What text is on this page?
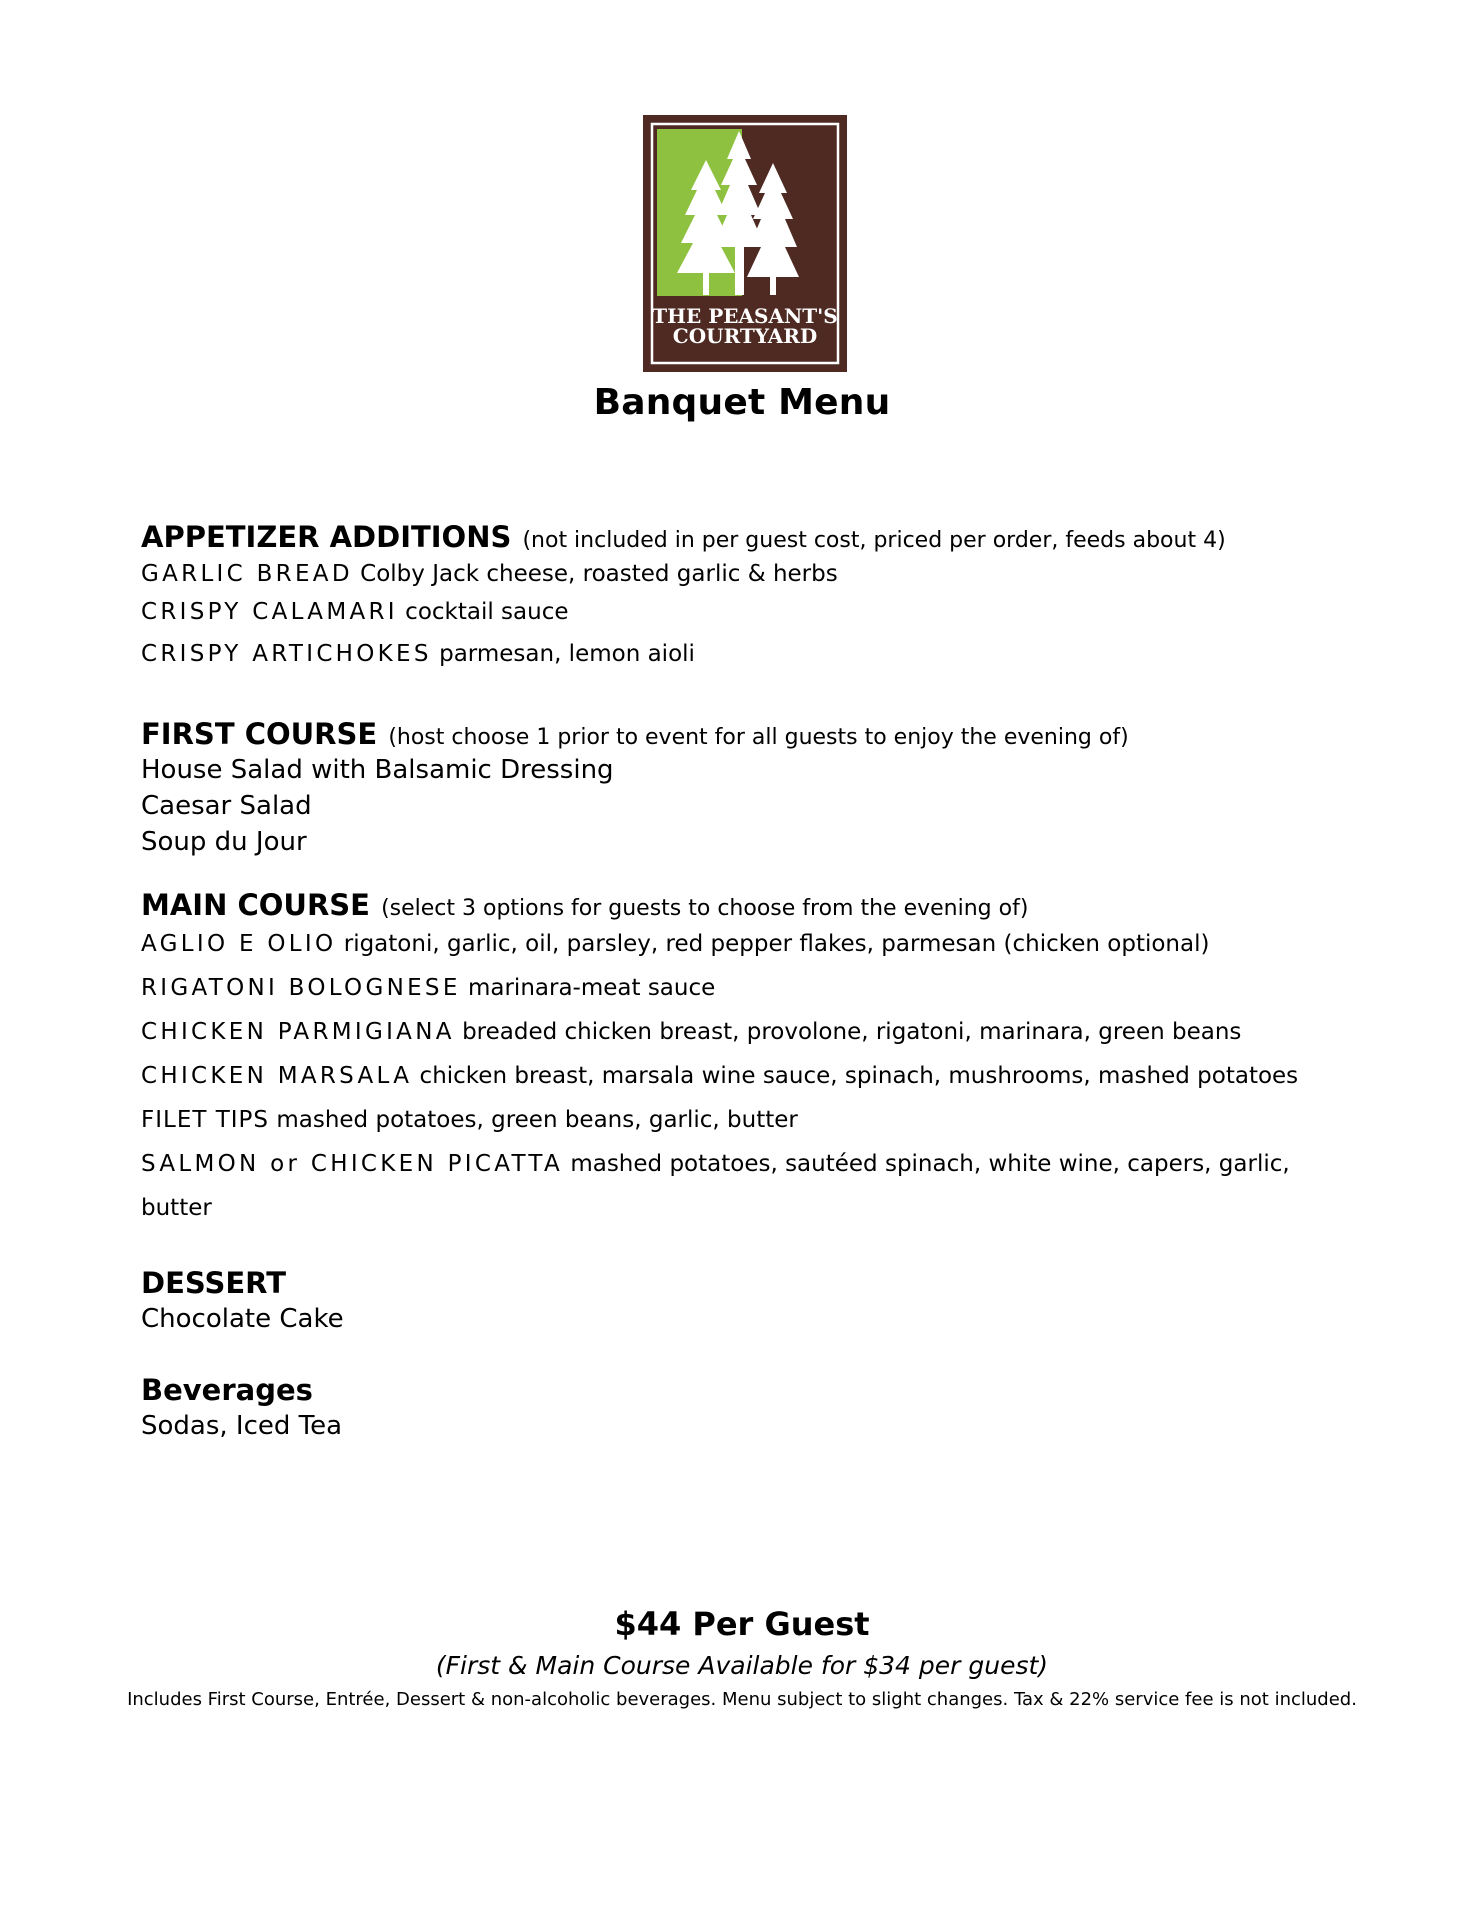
THE PEASANT'S
COURTYARD
Banquet Menu

APPETIZER ADDITIONS (not included in per guest cost, priced per order, feeds about 4)

GARLIC BREAD Colby Jack cheese, roasted garlic & herbs

CRISPY CALAMARI cocktail sauce

CRISPY ARTICHOKES parmesan, lemon aioli

FIRST COURSE (host choose 1 prior to event for all guests to enjoy the evening of)

House Salad with Balsamic Dressing

Caesar Salad

Soup du Jour

MAIN COURSE (select 3 options for guests to choose from the evening of)

AGLIO E OLIO rigatoni, garlic, oil, parsley, red pepper flakes, parmesan (chicken optional)

RIGATONI BOLOGNESE marinara-meat sauce

CHICKEN PARMIGIANA breaded chicken breast, provolone, rigatoni, marinara, green beans

CHICKEN MARSALA chicken breast, marsala wine sauce, spinach, mushrooms, mashed potatoes

FILET TIPS mashed potatoes, green beans, garlic, butter

SALMON or CHICKEN PICATTA mashed potatoes, sautéed spinach, white wine, capers, garlic, butter

DESSERT

Chocolate Cake

Beverages

Sodas, Iced Tea

$44 Per Guest
(First & Main Course Available for $34 per guest)
Includes First Course, Entrée, Dessert & non-alcoholic beverages. Menu subject to slight changes. Tax & 22% service fee is not included.
